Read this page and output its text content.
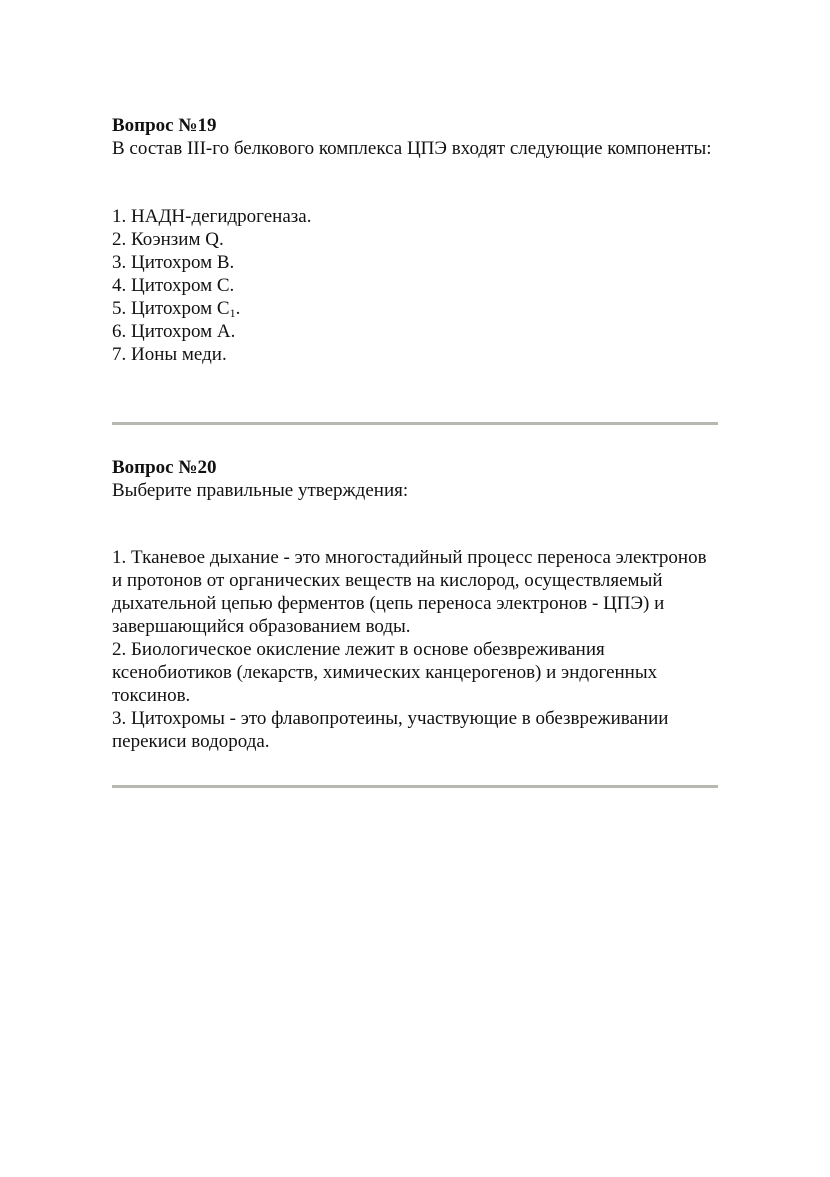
Вопрос №19

В состав III-го белкового комплекса ЦПЭ входят следующие компоненты:

1. НАДН-дегидрогеназа.
2. Коэнзим Q.
3. Цитохром В.
4. Цитохром С.
5. Цитохром $С_1$.
6. Цитохром А.
7. Ионы меди.

Вопрос №20

Выберите правильные утверждения:

1. Тканевое дыхание - это многостадийный процесс переноса электронов и протонов от органических веществ на кислород, осуществляемый дыхательной цепью ферментов (цепь переноса электронов - ЦПЭ) и завершающийся образованием воды.
2. Биологическое окисление лежит в основе обезвреживания ксенобиотиков (лекарств, химических канцерогенов) и эндогенных токсинов.
3. Цитохромы - это флавопротеины, участвующие в обезвреживании перекиси водорода.
